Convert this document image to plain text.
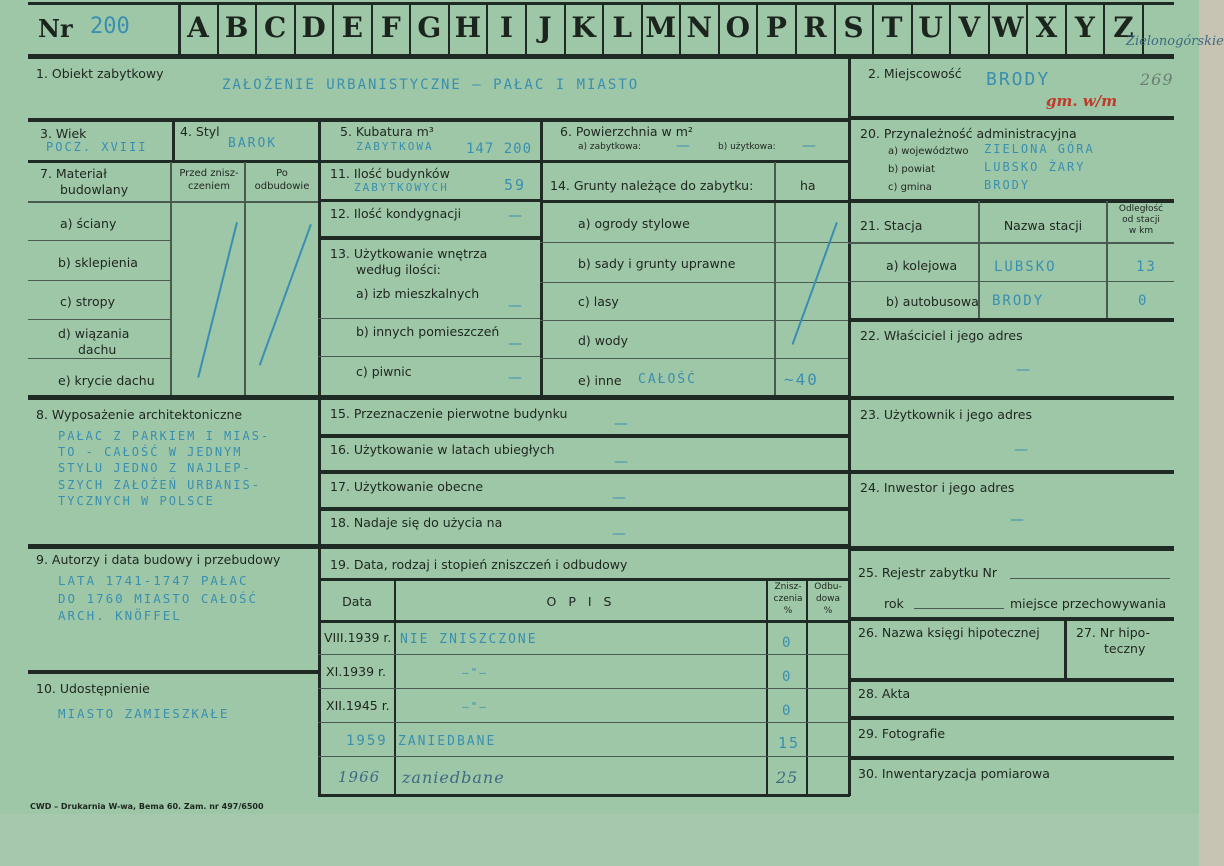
Nr 200 A B C D E F G H I J K L M N O P R S T U V W X Y Z
Zielonogórskie
1. Obiekt zabytkowy
ZAŁOŻENIE URBANISTYCZNE – PAŁAC I MIASTO
2. Miejscowość BRODY
gm. w/m
269
3. Wiek
POCZ. XVIII
4. Styl
BAROK
5. Kubatura m³
ZABYTKOWA 147 200
6. Powierzchnia w m²
a) zabytkowa:	—	b) użytkowa: —
7. Materiał
budowlany
Przed znisz-
czeniem
Po
odbudowie
a) ściany
b) sklepienia
c) stropy
d) wiązania
dachu
e) krycie dachu
11. Ilość budynków
ZABYTKOWYCH	59
12. Ilość kondygnacji	—
13. Użytkowanie wnętrza
według ilości:
a) izb mieszkalnych
—
b) innych pomieszczeń
—
c) piwnic	—
14. Grunty należące do zabytku:	ha
a) ogrody stylowe
b) sady i grunty uprawne
c) lasy
d) wody
e) inne CAŁOŚĆ	~40
20. Przynależność administracyjna
a) województwo ZIELONA GÓRA
b) powiat	LUBSKO ŻARY
c) gmina	BRODY
21. Stacja	Nazwa stacji
Odległość
od stacji
w km
a) kolejowa	LUBSKO	13
b) autobusowa BRODY	0
22. Właściciel i jego adres
—
23. Użytkownik i jego adres
—
24. Inwestor i jego adres
—
8. Wyposażenie architektoniczne
PAŁAC Z PARKIEM I MIAS-
TO - CAŁOŚĆ W JEDNYM
STYLU JEDNO Z NAJLEP-
SZYCH ZAŁOŻEŃ URBANIS-
TYCZNYCH W POLSCE
15. Przeznaczenie pierwotne budynku
—
16. Użytkowanie w latach ubiegłych
—
17. Użytkowanie obecne
—
18. Nadaje się do użycia na
—
9. Autorzy i data budowy i przebudowy
LATA 1741-1747 PAŁAC
DO 1760 MIASTO CAŁOŚĆ
ARCH. KNÖFFEL
10. Udostępnienie
MIASTO ZAMIESZKAŁE
19. Data, rodzaj i stopień zniszczeń i odbudowy
Data	O P I S
Znisz-
czenia
%
Odbu-
dowa
%
VIII.1939 r. NIE ZNISZCZONE	0
XI.1939 r.	—"—	0
XII.1945 r.	—"—	0
1959 ZANIEDBANE	15
1966 zaniedbane	25
25. Rejestr zabytku Nr
rok	miejsce przechowywania
26. Nazwa księgi hipotecznej	27. Nr hipo-
teczny
28. Akta
29. Fotografie
30. Inwentaryzacja pomiarowa
CWD – Drukarnia W-wa, Bema 60. Zam. nr 497/6500
